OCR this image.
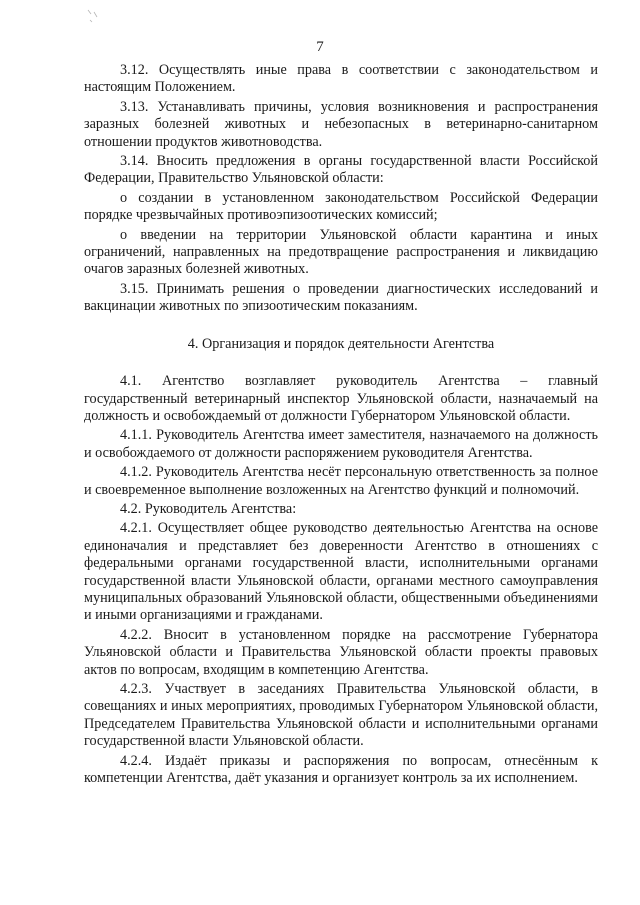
7

3.12. Осуществлять иные права в соответствии с законодательством и настоящим Положением.

3.13. Устанавливать причины, условия возникновения и распространения заразных болезней животных и небезопасных в ветеринарно-санитарном отношении продуктов животноводства.

3.14. Вносить предложения в органы государственной власти Российской Федерации, Правительство Ульяновской области:

о создании в установленном законодательством Российской Федерации порядке чрезвычайных противоэпизоотических комиссий;

о введении на территории Ульяновской области карантина и иных ограничений, направленных на предотвращение распространения и ликвидацию очагов заразных болезней животных.

3.15. Принимать решения о проведении диагностических исследований и вакцинации животных по эпизоотическим показаниям.

4. Организация и порядок деятельности Агентства

4.1. Агентство возглавляет руководитель Агентства – главный государственный ветеринарный инспектор Ульяновской области, назначаемый на должность и освобождаемый от должности Губернатором Ульяновской области.

4.1.1. Руководитель Агентства имеет заместителя, назначаемого на должность и освобождаемого от должности распоряжением руководителя Агентства.

4.1.2. Руководитель Агентства несёт персональную ответственность за полное и своевременное выполнение возложенных на Агентство функций и полномочий.

4.2. Руководитель Агентства:

4.2.1. Осуществляет общее руководство деятельностью Агентства на основе единоначалия и представляет без доверенности Агентство в отношениях с федеральными органами государственной власти, исполнительными органами государственной власти Ульяновской области, органами местного самоуправления муниципальных образований Ульяновской области, общественными объединениями и иными организациями и гражданами.

4.2.2. Вносит в установленном порядке на рассмотрение Губернатора Ульяновской области и Правительства Ульяновской области проекты правовых актов по вопросам, входящим в компетенцию Агентства.

4.2.3. Участвует в заседаниях Правительства Ульяновской области, в совещаниях и иных мероприятиях, проводимых Губернатором Ульяновской области, Председателем Правительства Ульяновской области и исполнительными органами государственной власти Ульяновской области.

4.2.4. Издаёт приказы и распоряжения по вопросам, отнесённым к компетенции Агентства, даёт указания и организует контроль за их исполнением.
